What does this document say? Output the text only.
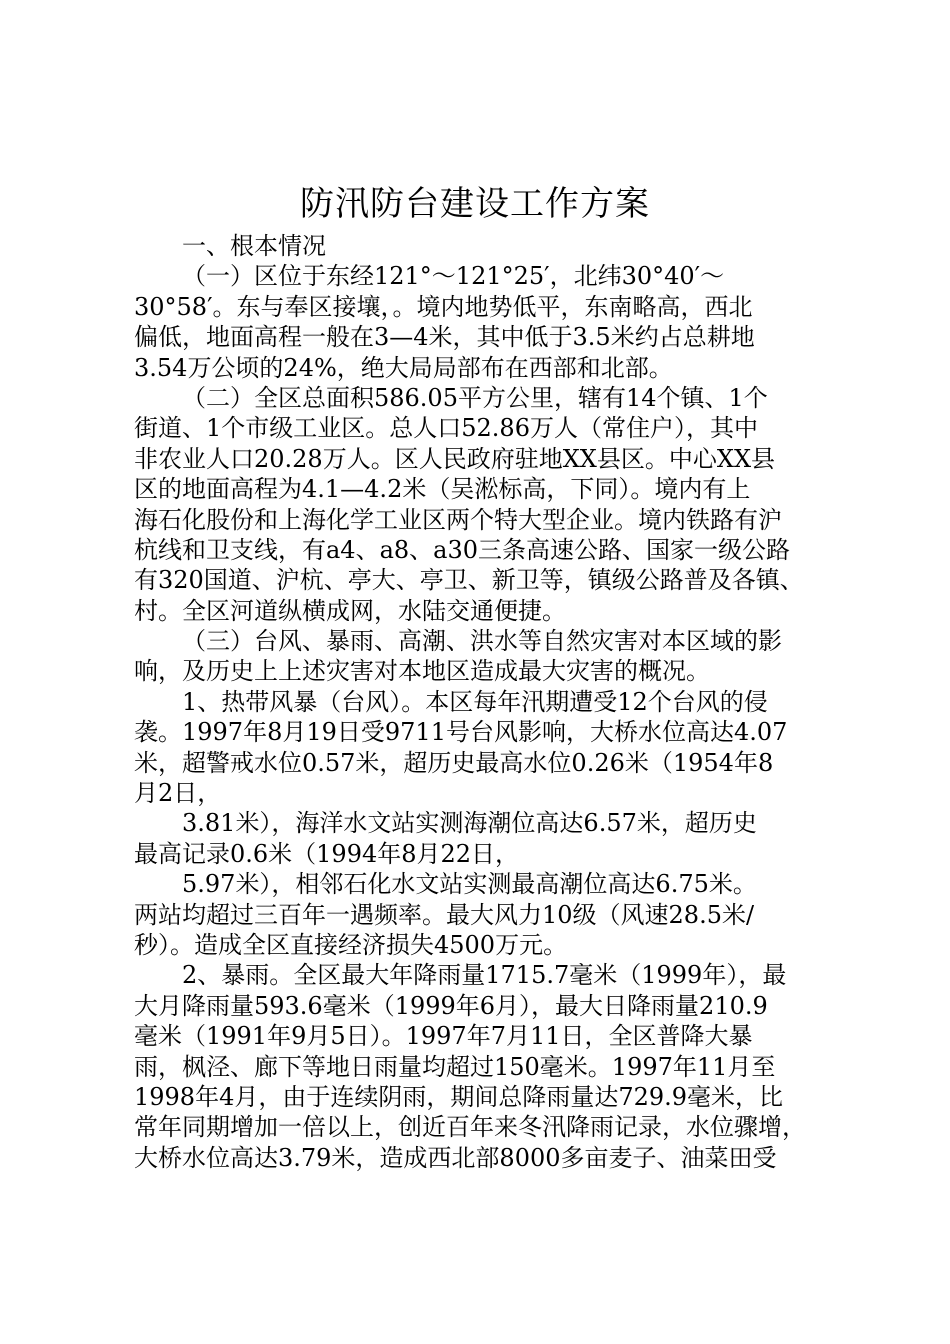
防汛防台建设工作方案
一、根本情况
（一）区位于东经121°～121°25′，北纬30°40′～
30°58′。东与奉区接壤，。境内地势低平，东南略高，西北
偏低，地面高程一般在3—4米，其中低于3.5米约占总耕地
3.54万公顷的24%，绝大局局部布在西部和北部。
（二）全区总面积586.05平方公里，辖有14个镇、1个
街道、1个市级工业区。总人口52.86万人（常住户），其中
非农业人口20.28万人。区人民政府驻地XX县区。中心XX县
区的地面高程为4.1—4.2米（吴淞标高，下同）。境内有上
海石化股份和上海化学工业区两个特大型企业。境内铁路有沪
杭线和卫支线，有a4、a8、a30三条高速公路、国家一级公路
有320国道、沪杭、亭大、亭卫、新卫等，镇级公路普及各镇、
村。全区河道纵横成网，水陆交通便捷。
（三）台风、暴雨、高潮、洪水等自然灾害对本区域的影
响，及历史上上述灾害对本地区造成最大灾害的概况。
1、热带风暴（台风）。本区每年汛期遭受12个台风的侵
袭。1997年8月19日受9711号台风影响，大桥水位高达4.07
米，超警戒水位0.57米，超历史最高水位0.26米（1954年8
月2日，
3.81米），海洋水文站实测海潮位高达6.57米，超历史
最高记录0.6米（1994年8月22日，
5.97米），相邻石化水文站实测最高潮位高达6.75米。
两站均超过三百年一遇频率。最大风力10级（风速28.5米/
秒）。造成全区直接经济损失4500万元。
2、暴雨。全区最大年降雨量1715.7毫米（1999年），最
大月降雨量593.6毫米（1999年6月），最大日降雨量210.9
毫米（1991年9月5日）。1997年7月11日，全区普降大暴
雨，枫泾、廊下等地日雨量均超过150毫米。1997年11月至
1998年4月，由于连续阴雨，期间总降雨量达729.9毫米，比
常年同期增加一倍以上，创近百年来冬汛降雨记录，水位骤增，
大桥水位高达3.79米，造成西北部8000多亩麦子、油菜田受
